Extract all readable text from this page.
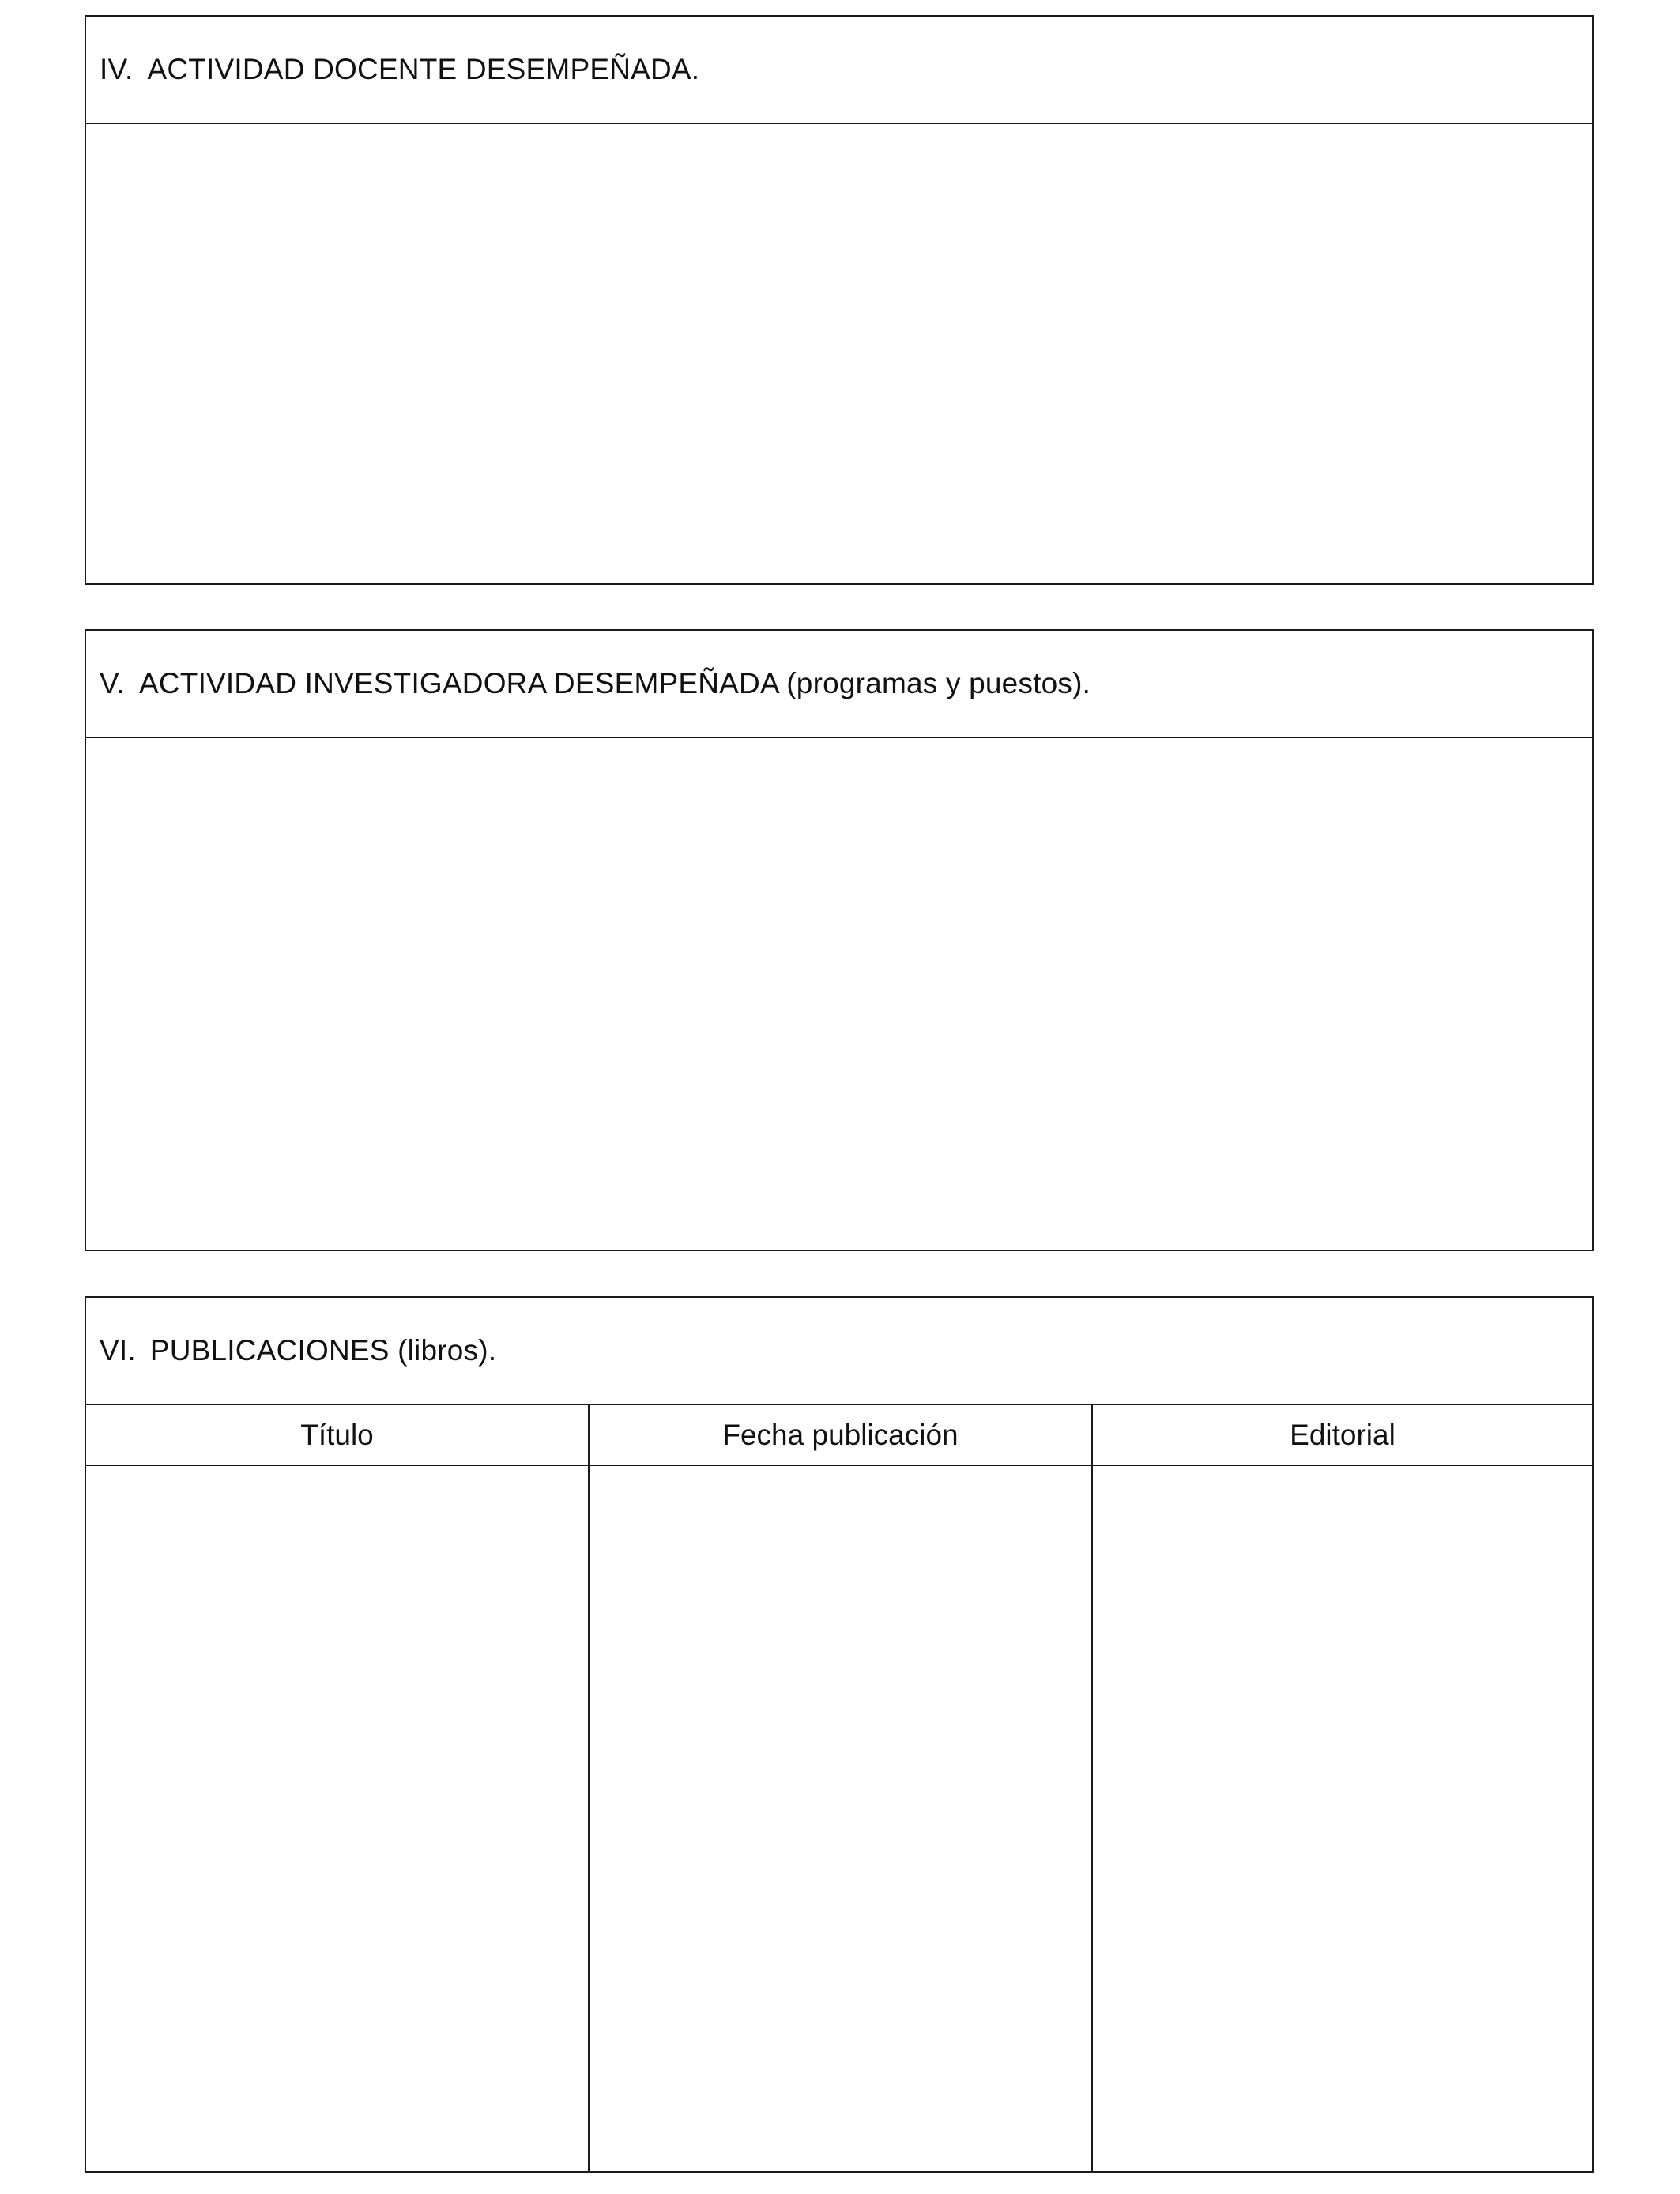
IV. ACTIVIDAD DOCENTE DESEMPEÑADA.
V. ACTIVIDAD INVESTIGADORA DESEMPEÑADA (programas y puestos).
VI. PUBLICACIONES (libros).
Título	Fecha publicación	Editorial
